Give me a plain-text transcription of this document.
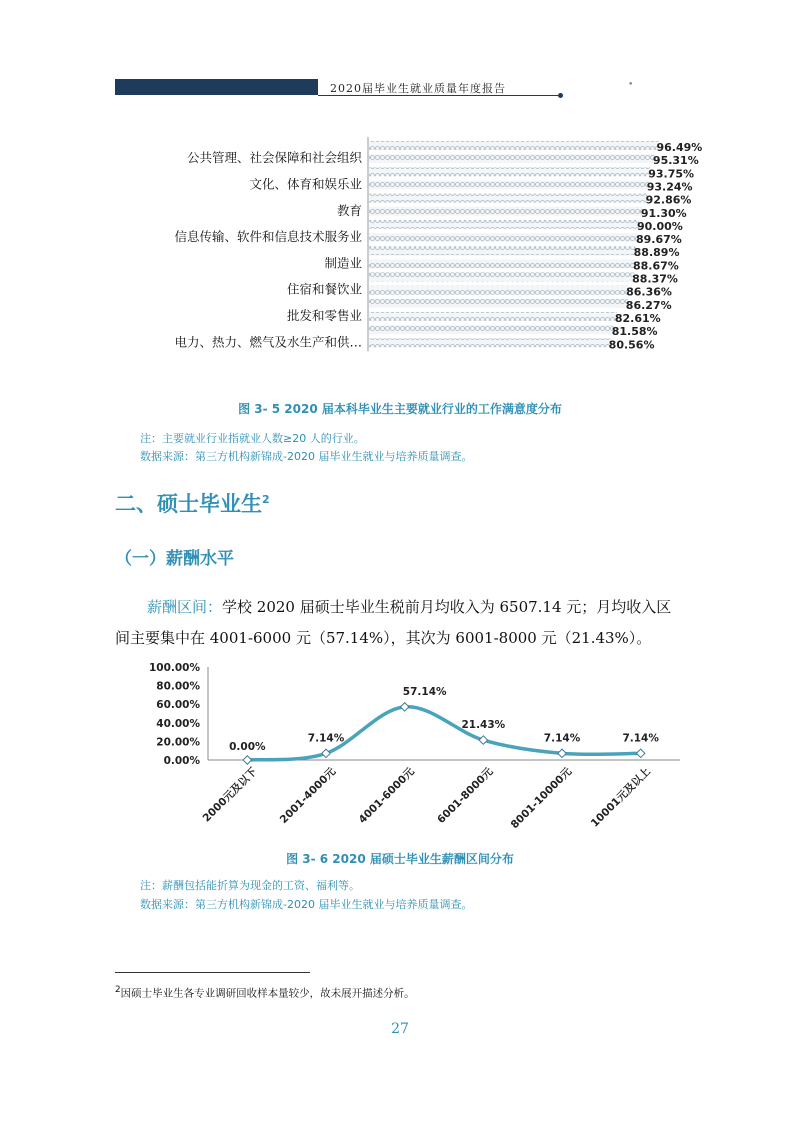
2020届毕业生就业质量年度报告	•
96.49%
95.31%
93.75%
93.24%
92.86%
91.30%
90.00%
89.67%
88.89%
88.67%
88.37%
86.36%
86.27%
82.61%
81.58%
80.56%
公共管理、社会保障和社会组织
文化、体育和娱乐业
教育
信息传输、软件和信息技术服务业
制造业
住宿和餐饮业
批发和零售业
电力、热力、燃气及水生产和供…
图 3- 5 2020 届本科毕业生主要就业行业的工作满意度分布
注：主要就业行业指就业人数≥20 人的行业。
数据来源：第三方机构新锦成-2020 届毕业生就业与培养质量调查。
二、硕士毕业生$^2$
（一）薪酬水平
薪酬区间：学校 2020 届硕士毕业生税前月均收入为 6507.14 元；月均收入区间主要集中在 4001-6000 元（57.14%），其次为 6001-8000 元（21.43%）。
100.00%
80.00%
60.00%
40.00%
20.00%
0.00%
0.00%
7.14%
57.14%
21.43%
7.14%	7.14%
2000元及以下 2001-4000元 4001-6000元 6001-8000元 8001-10000元 10001元及以上
图 3- 6 2020 届硕士毕业生薪酬区间分布
注：薪酬包括能折算为现金的工资、福利等。
数据来源：第三方机构新锦成-2020 届毕业生就业与培养质量调查。
$^2$因硕士毕业生各专业调研回收样本量较少，故未展开描述分析。
27
